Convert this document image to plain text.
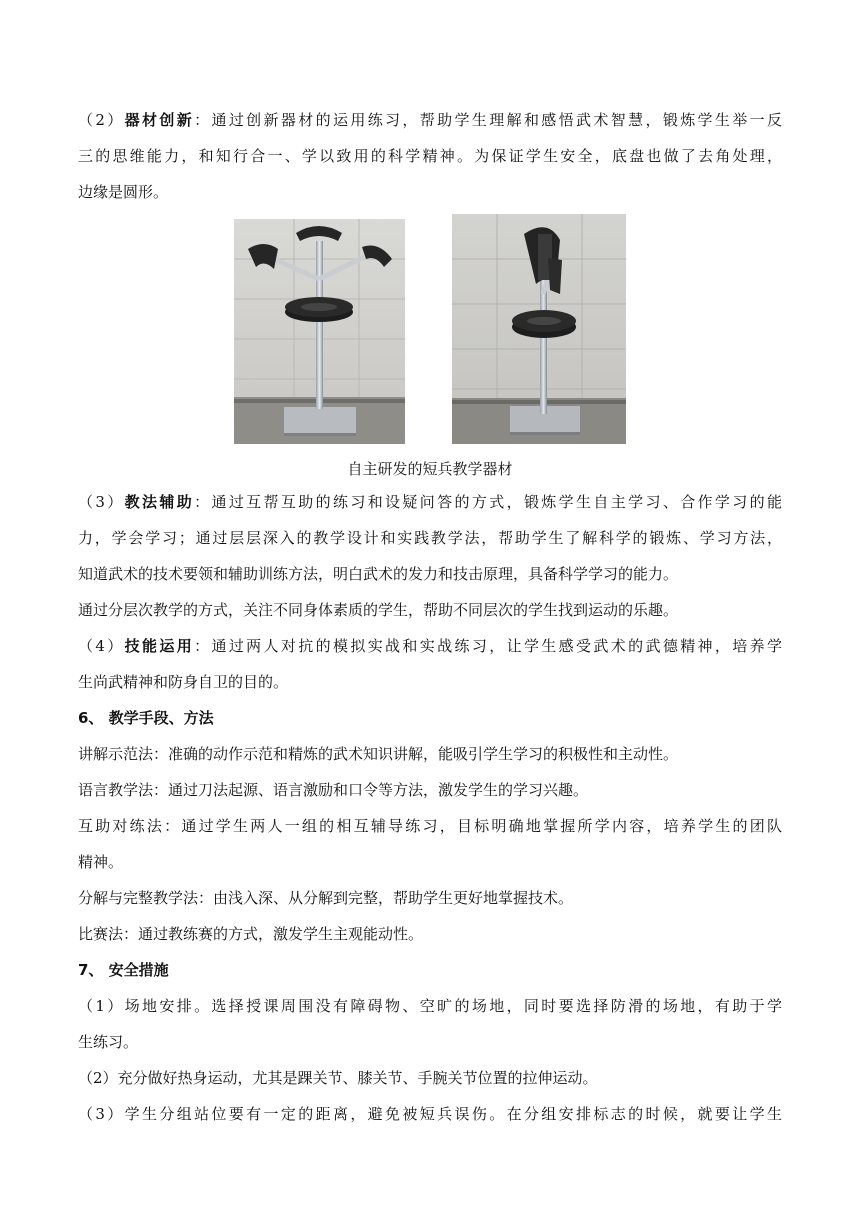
（2）器材创新：通过创新器材的运用练习，帮助学生理解和感悟武术智慧，锻炼学生举一反
三的思维能力，和知行合一、学以致用的科学精神。为保证学生安全，底盘也做了去角处理，
边缘是圆形。
自主研发的短兵教学器材
（3）教法辅助：通过互帮互助的练习和设疑问答的方式，锻炼学生自主学习、合作学习的能
力，学会学习；通过层层深入的教学设计和实践教学法，帮助学生了解科学的锻炼、学习方法，
知道武术的技术要领和辅助训练方法，明白武术的发力和技击原理，具备科学学习的能力。
通过分层次教学的方式，关注不同身体素质的学生，帮助不同层次的学生找到运动的乐趣。
（4）技能运用：通过两人对抗的模拟实战和实战练习，让学生感受武术的武德精神，培养学
生尚武精神和防身自卫的目的。
6、 教学手段、方法
讲解示范法：准确的动作示范和精炼的武术知识讲解，能吸引学生学习的积极性和主动性。
语言教学法：通过刀法起源、语言激励和口令等方法，激发学生的学习兴趣。
互助对练法：通过学生两人一组的相互辅导练习，目标明确地掌握所学内容，培养学生的团队
精神。
分解与完整教学法：由浅入深、从分解到完整，帮助学生更好地掌握技术。
比赛法：通过教练赛的方式，激发学生主观能动性。
7、 安全措施
（1）场地安排。选择授课周围没有障碍物、空旷的场地，同时要选择防滑的场地，有助于学
生练习。
（2）充分做好热身运动，尤其是踝关节、膝关节、手腕关节位置的拉伸运动。
（3）学生分组站位要有一定的距离，避免被短兵误伤。在分组安排标志的时候，就要让学生
